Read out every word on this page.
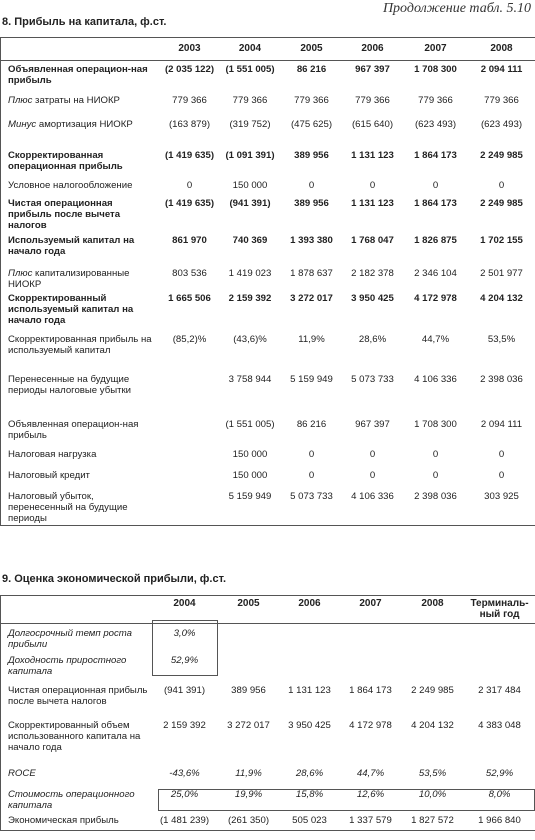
Продолжение табл. 5.10
8. Прибыль на капитала, ф.ст.
	2003	2004	2005	2006	2007	2008
Объявленная операцион-ная прибыль	(2 035 122)	(1 551 005)	86 216	967 397	1 708 300	2 094 111
Плюс затраты на НИОКР	779 366	779 366	779 366	779 366	779 366	779 366
Минус амортизация НИОКР	(163 879)	(319 752)	(475 625)	(615 640)	(623 493)	(623 493)
Скорректированная операционная прибыль	(1 419 635)	(1 091 391)	389 956	1 131 123	1 864 173	2 249 985
Условное налогообложение	0	150 000	0	0	0	0
Чистая операционная прибыль после вычета налогов	(1 419 635)	(941 391)	389 956	1 131 123	1 864 173	2 249 985
Используемый капитал на начало года	861 970	740 369	1 393 380	1 768 047	1 826 875	1 702 155
Плюс капитализированные НИОКР	803 536	1 419 023	1 878 637	2 182 378	2 346 104	2 501 977
Скорректированный используемый капитал на начало года	1 665 506	2 159 392	3 272 017	3 950 425	4 172 978	4 204 132
Скорректированная прибыль на используемый капитал	(85,2)%	(43,6)%	11,9%	28,6%	44,7%	53,5%
Перенесенные на будущие периоды налоговые убытки		3 758 944	5 159 949	5 073 733	4 106 336	2 398 036
Объявленная операцион-ная прибыль		(1 551 005)	86 216	967 397	1 708 300	2 094 111
Налоговая нагрузка		150 000	0	0	0	0
Налоговый кредит		150 000	0	0	0	0
Налоговый убыток, перенесенный на будущие периоды		5 159 949	5 073 733	4 106 336	2 398 036	303 925
9. Оценка экономической прибыли, ф.ст.
	2004	2005	2006	2007	2008	Терминаль-ный год
Долгосрочный темп роста прибыли	3,0%					
Доходность приростного капитала	52,9%					
Чистая операционная прибыль после вычета налогов	(941 391)	389 956	1 131 123	1 864 173	2 249 985	2 317 484
Скорректированный объем использованного капитала на начало года	2 159 392	3 272 017	3 950 425	4 172 978	4 204 132	4 383 048
ROCE	-43,6%	11,9%	28,6%	44,7%	53,5%	52,9%
Стоимость операционного капитала	25,0%	19,9%	15,8%	12,6%	10,0%	8,0%
Экономическая прибыль	(1 481 239)	(261 350)	505 023	1 337 579	1 827 572	1 966 840
